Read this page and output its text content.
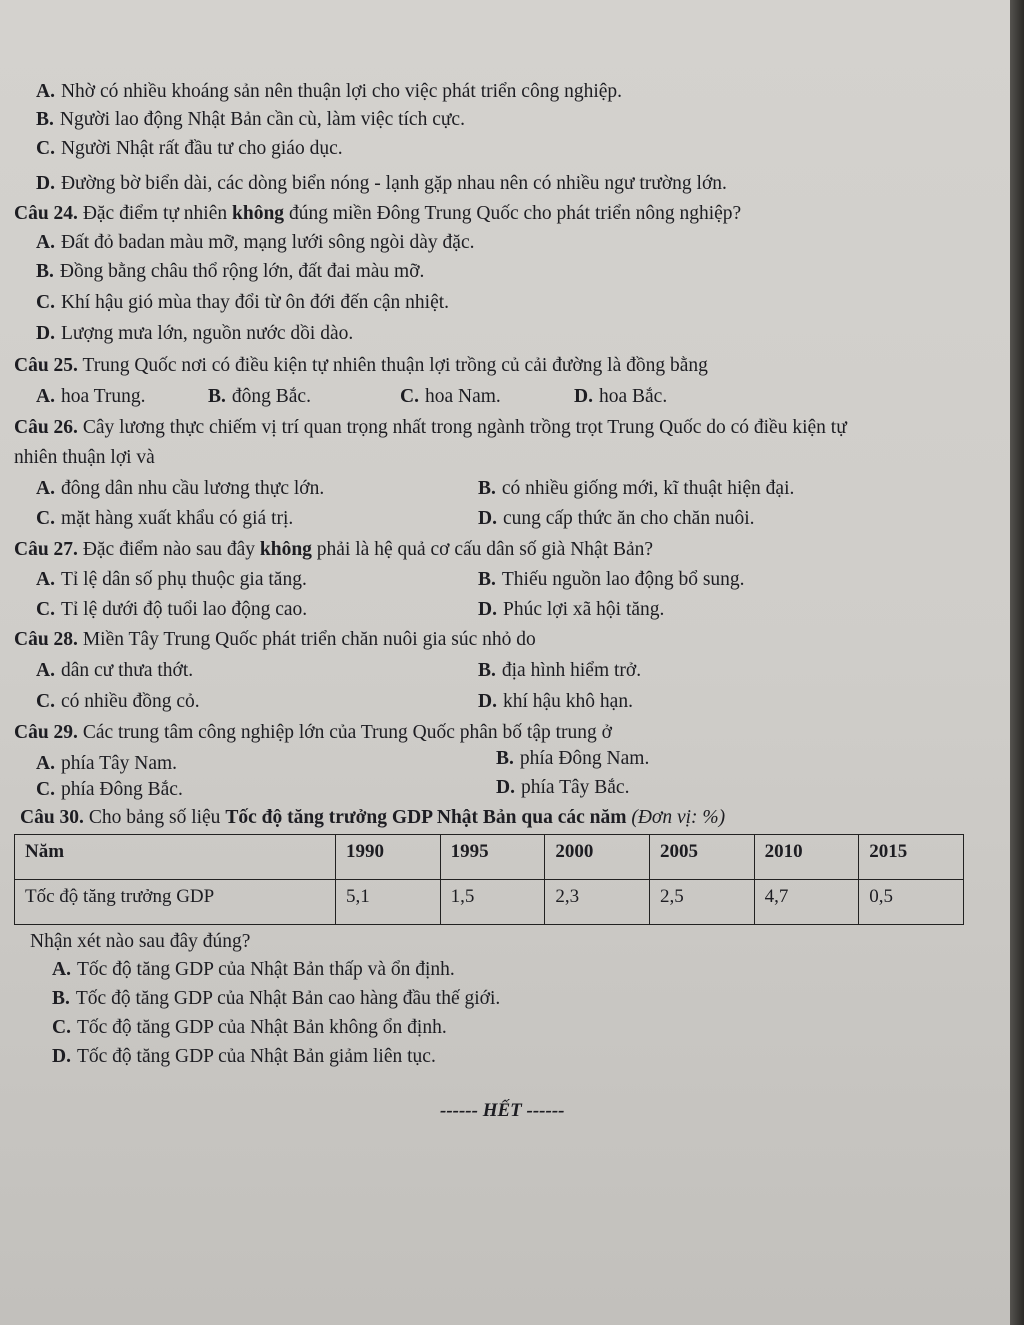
A. Nhờ có nhiều khoáng sản nên thuận lợi cho việc phát triển công nghiệp.
B. Người lao động Nhật Bản cần cù, làm việc tích cực.
C. Người Nhật rất đầu tư cho giáo dục.
D. Đường bờ biển dài, các dòng biển nóng - lạnh gặp nhau nên có nhiều ngư trường lớn.
Câu 24. Đặc điểm tự nhiên không đúng miền Đông Trung Quốc cho phát triển nông nghiệp?
A. Đất đỏ badan màu mỡ, mạng lưới sông ngòi dày đặc.
B. Đồng bằng châu thổ rộng lớn, đất đai màu mỡ.
C. Khí hậu gió mùa thay đổi từ ôn đới đến cận nhiệt.
D. Lượng mưa lớn, nguồn nước dồi dào.
Câu 25. Trung Quốc nơi có điều kiện tự nhiên thuận lợi trồng củ cải đường là đồng bằng
A. hoa Trung.	B. đông Bắc.	C. hoa Nam.	D. hoa Bắc.
Câu 26. Cây lương thực chiếm vị trí quan trọng nhất trong ngành trồng trọt Trung Quốc do có điều kiện tự
nhiên thuận lợi và
A. đông dân nhu cầu lương thực lớn.	B. có nhiều giống mới, kĩ thuật hiện đại.
C. mặt hàng xuất khẩu có giá trị.	D. cung cấp thức ăn cho chăn nuôi.
Câu 27. Đặc điểm nào sau đây không phải là hệ quả cơ cấu dân số già Nhật Bản?
A. Tỉ lệ dân số phụ thuộc gia tăng.	B. Thiếu nguồn lao động bổ sung.
C. Tỉ lệ dưới độ tuổi lao động cao.	D. Phúc lợi xã hội tăng.
Câu 28. Miền Tây Trung Quốc phát triển chăn nuôi gia súc nhỏ do
A. dân cư thưa thớt.	B. địa hình hiểm trở.
C. có nhiều đồng cỏ.	D. khí hậu khô hạn.
Câu 29. Các trung tâm công nghiệp lớn của Trung Quốc phân bố tập trung ở
A. phía Tây Nam.	B. phía Đông Nam.
C. phía Đông Bắc.	D. phía Tây Bắc.
Câu 30. Cho bảng số liệu Tốc độ tăng trưởng GDP Nhật Bản qua các năm (Đơn vị: %)
Năm	1990	1995	2000	2005	2010	2015
Tốc độ tăng trưởng GDP	5,1	1,5	2,3	2,5	4,7	0,5
Nhận xét nào sau đây đúng?
A. Tốc độ tăng GDP của Nhật Bản thấp và ổn định.
B. Tốc độ tăng GDP của Nhật Bản cao hàng đầu thế giới.
C. Tốc độ tăng GDP của Nhật Bản không ổn định.
D. Tốc độ tăng GDP của Nhật Bản giảm liên tục.
------ HẾT ------
